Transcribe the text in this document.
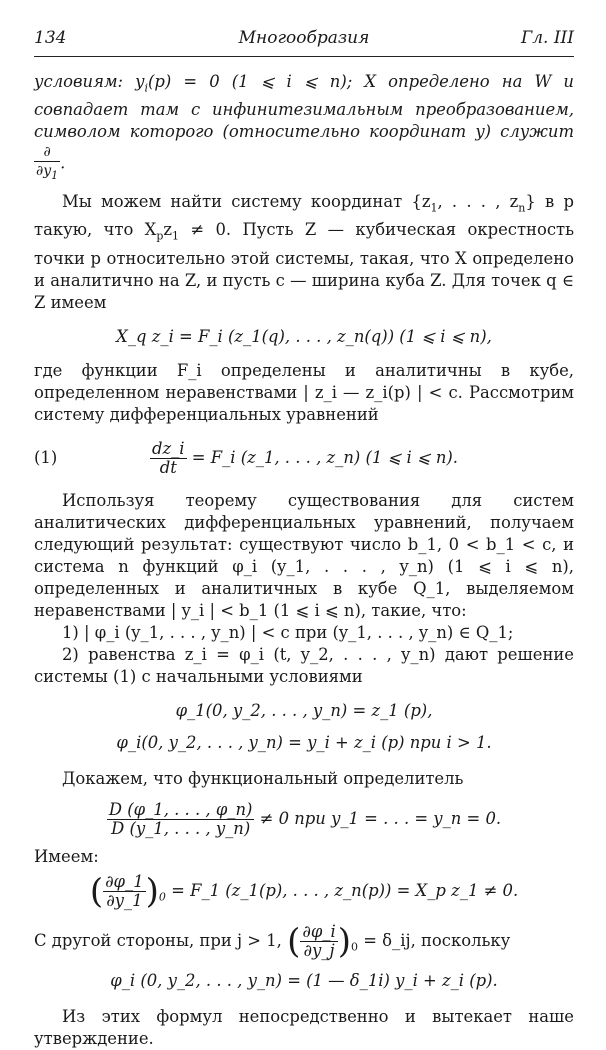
134	Многообразия	Гл. III

условиям: $y_i(p) = 0$ (1 ⩽ i ⩽ n); X определено на W и совпадает там с инфинитезимальным преобразованием, символом которого (относительно координат y) служит
$\frac{\partial}{\partial y_1}$ .

Мы можем найти систему координат {$z_1$, . . . , $z_n$} в p такую, что $X_pz_1 \ne 0$. Пусть Z — кубическая окрестность точки p относительно этой системы, такая, что X определено и аналитично на Z, и пусть c — ширина куба Z. Для точек q ∈ Z имеем

X_q z_i = F_i (z_1(q), . . . , z_n(q)) (1 ⩽ i ⩽ n),

где функции F_i определены и аналитичны в кубе, определенном неравенствами | z_i — z_i(p) | < c. Рассмотрим систему дифференциальных уравнений

(1)	$\frac{dz\_i}{dt}$ = F_i (z_1, . . . , z_n) (1 ⩽ i ⩽ n).

Используя теорему существования для систем аналитических дифференциальных уравнений, получаем следующий результат: существуют число b_1, 0 < b_1 < c, и система n функций φ_i (y_1, . . . , y_n) (1 ⩽ i ⩽ n), определенных и аналитичных в кубе Q_1, выделяемом неравенствами | y_i | < b_1 (1 ⩽ i ⩽ n), такие, что:

1) | φ_i (y_1, . . . , y_n) | < c при (y_1, . . . , y_n) ∈ Q_1;

2) равенства z_i = φ_i (t, y_2, . . . , y_n) дают решение системы (1) с начальными условиями

φ_1(0, y_2, . . . , y_n) = z_1 (p),
φ_i(0, y_2, . . . , y_n) = y_i + z_i (p) при i > 1.

Докажем, что функциональный определитель

$\frac{D (\varphi\_1, . . . , \varphi\_n)}{D (y\_1, . . . , y\_n)} \ne 0$ при y_1 = . . . = y_n = 0.

Имеем:

( $\frac{\partial\varphi\_1}{\partial y\_1} )_0$ = F_1 (z_1(p), . . . , z_n(p)) = X_p z_1 ≠ 0.

С другой стороны, при j > 1, ( $\frac{\partial\varphi\_i}{\partial y\_j} )_0$ = δ_ij, поскольку

φ_i (0, y_2, . . . , y_n) = (1 — δ_1i) y_i + z_i (p).

Из этих формул непосредственно и вытекает наше утверждение.
